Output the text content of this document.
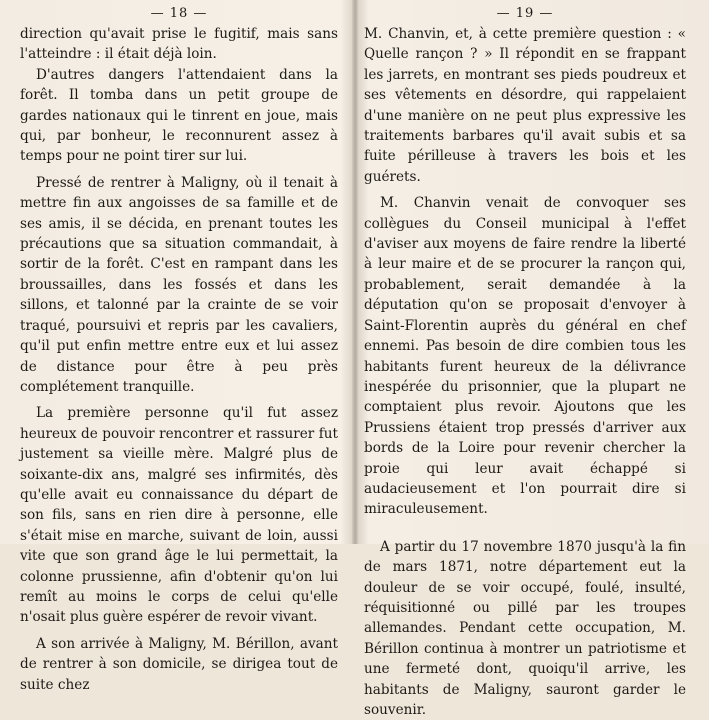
— 18 —

direction qu'avait prise le fugitif, mais sans l'atteindre : il était déjà loin.

D'autres dangers l'attendaient dans la forêt. Il tomba dans un petit groupe de gardes nationaux qui le tinrent en joue, mais qui, par bonheur, le reconnurent assez à temps pour ne point tirer sur lui.

Pressé de rentrer à Maligny, où il tenait à mettre fin aux angoisses de sa famille et de ses amis, il se décida, en prenant toutes les précautions que sa situation commandait, à sortir de la forêt. C'est en rampant dans les broussailles, dans les fossés et dans les sillons, et talonné par la crainte de se voir traqué, poursuivi et repris par les cavaliers, qu'il put enfin mettre entre eux et lui assez de distance pour être à peu près complétement tranquille.

La première personne qu'il fut assez heureux de pouvoir rencontrer et rassurer fut justement sa vieille mère. Malgré plus de soixante-dix ans, malgré ses infirmités, dès qu'elle avait eu connaissance du départ de son fils, sans en rien dire à personne, elle s'était mise en marche, suivant de loin, aussi vite que son grand âge le lui permettait, la colonne prussienne, afin d'obtenir qu'on lui remît au moins le corps de celui qu'elle n'osait plus guère espérer de revoir vivant.

A son arrivée à Maligny, M. Bérillon, avant de rentrer à son domicile, se dirigea tout de suite chez

— 19 —

M. Chanvin, et, à cette première question : « Quelle rançon ? » Il répondit en se frappant les jarrets, en montrant ses pieds poudreux et ses vêtements en désordre, qui rappelaient d'une manière on ne peut plus expressive les traitements barbares qu'il avait subis et sa fuite périlleuse à travers les bois et les guérets.

M. Chanvin venait de convoquer ses collègues du Conseil municipal à l'effet d'aviser aux moyens de faire rendre la liberté à leur maire et de se procurer la rançon qui, probablement, serait demandée à la députation qu'on se proposait d'envoyer à Saint-Florentin auprès du général en chef ennemi. Pas besoin de dire combien tous les habitants furent heureux de la délivrance inespérée du prisonnier, que la plupart ne comptaient plus revoir. Ajoutons que les Prussiens étaient trop pressés d'arriver aux bords de la Loire pour revenir chercher la proie qui leur avait échappé si audacieusement et l'on pourrait dire si miraculeusement.

A partir du 17 novembre 1870 jusqu'à la fin de mars 1871, notre département eut la douleur de se voir occupé, foulé, insulté, réquisitionné ou pillé par les troupes allemandes. Pendant cette occupation, M. Bérillon continua à montrer un patriotisme et une fermeté dont, quoiqu'il arrive, les habitants de Maligny, sauront garder le souvenir.
